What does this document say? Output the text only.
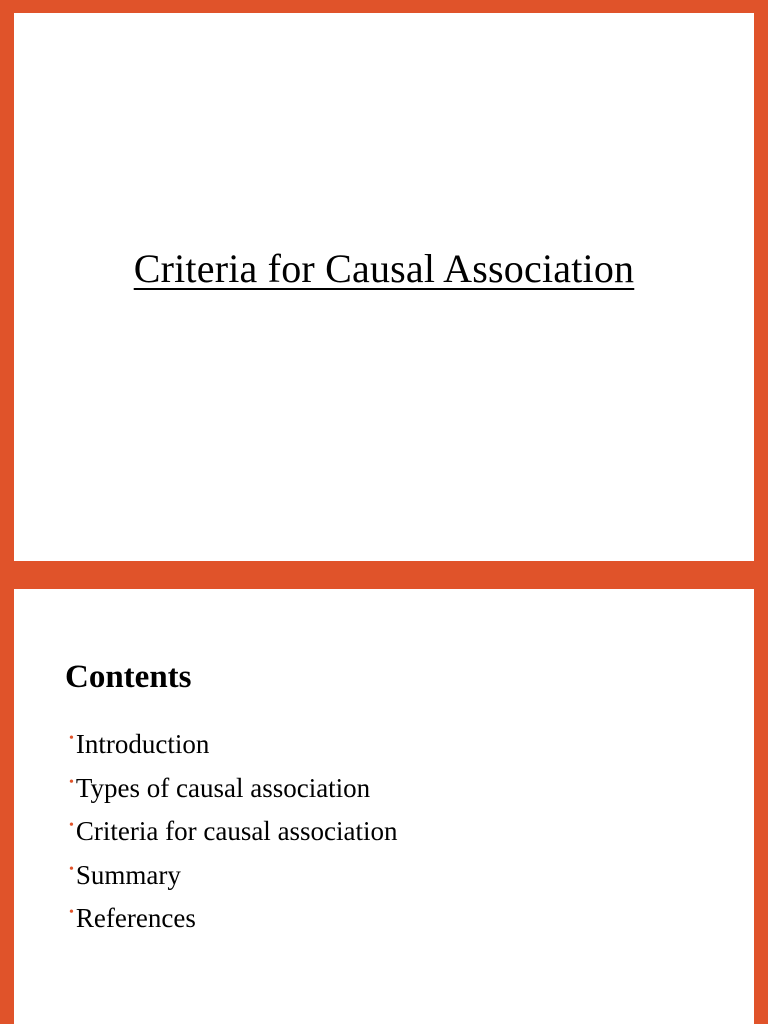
Criteria for Causal Association
Contents
• Introduction
• Types of causal association
• Criteria for causal association
• Summary
• References
